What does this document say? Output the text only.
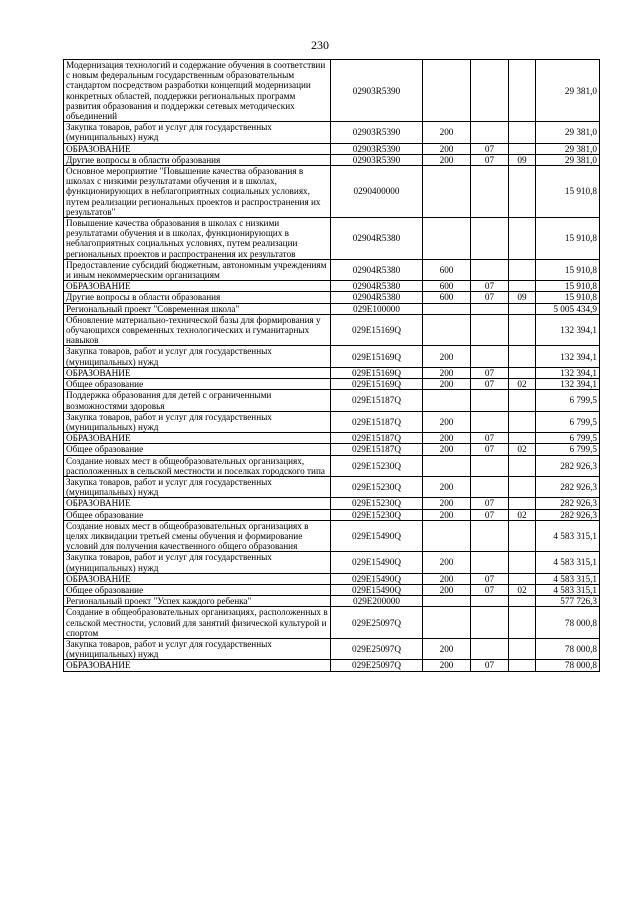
230
Модернизация технологий и содержание обучения в соответствии с новым федеральным государственным образовательным стандартом посредством разработки концепций модернизации конкретных областей, поддержки региональных программ развития образования и поддержки сетевых методических объединений	02903R5390				29 381,0
Закупка товаров, работ и услуг для государственных (муниципальных) нужд	02903R5390	200			29 381,0
ОБРАЗОВАНИЕ	02903R5390	200	07		29 381,0
Другие вопросы в области образования	02903R5390	200	07	09	29 381,0
Основное мероприятие "Повышение качества образования в школах с низкими результатами обучения и в школах, функционирующих в неблагоприятных социальных условиях, путем реализации региональных проектов и распространения их результатов"	0290400000				15 910,8
Повышение качества образования в школах с низкими результатами обучения и в школах, функционирующих в неблагоприятных социальных условиях, путем реализации региональных проектов и распространения их результатов	02904R5380				15 910,8
Предоставление субсидий бюджетным, автономным учреждениям и иным некоммерческим организациям	02904R5380	600			15 910,8
ОБРАЗОВАНИЕ	02904R5380	600	07		15 910,8
Другие вопросы в области образования	02904R5380	600	07	09	15 910,8
Региональный проект "Современная школа"	029E100000				5 005 434,9
Обновление материально-технической базы для формирования у обучающихся современных технологических и гуманитарных навыков	029E15169Q				132 394,1
Закупка товаров, работ и услуг для государственных (муниципальных) нужд	029E15169Q	200			132 394,1
ОБРАЗОВАНИЕ	029E15169Q	200	07		132 394,1
Общее образование	029E15169Q	200	07	02	132 394,1
Поддержка образования для детей с ограниченными возможностями здоровья	029E15187Q				6 799,5
Закупка товаров, работ и услуг для государственных (муниципальных) нужд	029E15187Q	200			6 799,5
ОБРАЗОВАНИЕ	029E15187Q	200	07		6 799,5
Общее образование	029E15187Q	200	07	02	6 799,5
Создание новых мест в общеобразовательных организациях, расположенных в сельской местности и поселках городского типа	029E15230Q				282 926,3
Закупка товаров, работ и услуг для государственных (муниципальных) нужд	029E15230Q	200			282 926,3
ОБРАЗОВАНИЕ	029E15230Q	200	07		282 926,3
Общее образование	029E15230Q	200	07	02	282 926,3
Создание новых мест в общеобразовательных организациях в целях ликвидации третьей смены обучения и формирование условий для получения качественного общего образования	029E15490Q				4 583 315,1
Закупка товаров, работ и услуг для государственных (муниципальных) нужд	029E15490Q	200			4 583 315,1
ОБРАЗОВАНИЕ	029E15490Q	200	07		4 583 315,1
Общее образование	029E15490Q	200	07	02	4 583 315,1
Региональный проект "Успех каждого ребенка"	029E200000				577 726,3
Создание в общеобразовательных организациях, расположенных в сельской местности, условий для занятий физической культурой и спортом	029E25097Q				78 000,8
Закупка товаров, работ и услуг для государственных (муниципальных) нужд	029E25097Q	200			78 000,8
ОБРАЗОВАНИЕ	029E25097Q	200	07		78 000,8
